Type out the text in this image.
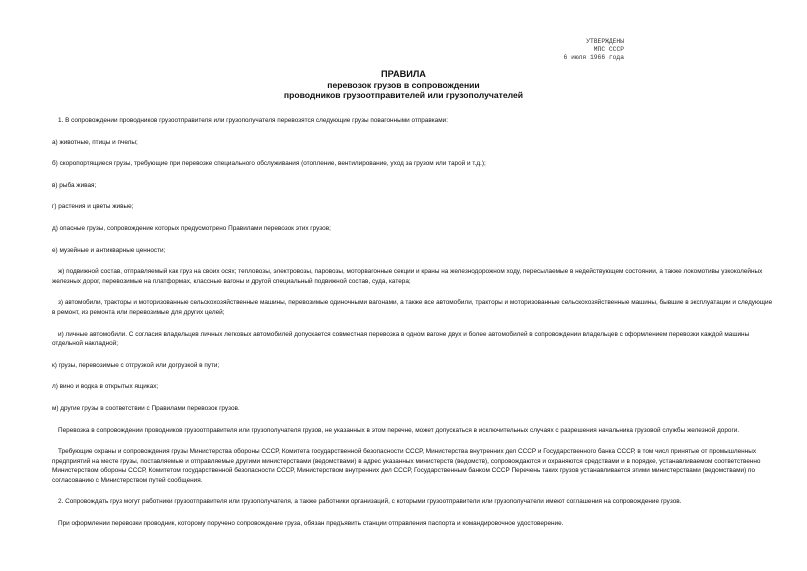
УТВЕРЖДЕНЫ
МПС СССР
6 июля 1966 года
ПРАВИЛА
перевозок грузов в сопровождении
проводников грузоотправителей или грузополучателей

1. В сопровождении проводников грузоотправителя или грузополучателя перевозятся следующие грузы повагонными отправками:

а) животные, птицы и пчелы;

б) скоропортящиеся грузы, требующие при перевозке специального обслуживания (отопление, вентилирование, уход за грузом или тарой и т.д.);

в) рыба живая;

г) растения и цветы живые;

д) опасные грузы, сопровождение которых предусмотрено Правилами перевозок этих грузов;

е) музейные и антикварные ценности;

ж) подвижной состав, отправляемый как груз на своих осях; тепловозы, электровозы, паровозы, моторвагонные секции и краны на железнодорожном ходу, пересылаемые в недействующем состоянии, а также локомотивы узкоколейных железных дорог, перевозимые на платформах, классные вагоны и другой специальный подвижной состав, суда, катера;

з) автомобили, тракторы и моторизованные сельскохозяйственные машины, перевозимые одиночными вагонами, а также все автомобили, тракторы и моторизованные сельскохозяйственные машины, бывшие в эксплуатации и следующие в ремонт, из ремонта или перевозимые для других целей;

и) личные автомобили. С согласия владельцев личных легковых автомобилей допускается совместная перевозка в одном вагоне двух и более автомобилей в сопровождении владельцев с оформлением перевозки каждой машины отдельной накладной;

к) грузы, перевозимые с отгрузкой или догрузкой в пути;

л) вино и водка в открытых ящиках;

м) другие грузы в соответствии с Правилами перевозок грузов.

Перевозка в сопровождении проводников грузоотправителя или грузополучателя грузов, не указанных в этом перечне, может допускаться в исключительных случаях с разрешения начальника грузовой службы железной дороги.

Требующие охраны и сопровождения грузы Министерства обороны СССР, Комитета государственной безопасности СССР, Министерства внутренних дел СССР и Государственного банка СССР, в том числ принятые от промышленных предприятий на месте грузы, поставляемые и отправляемые другими министерствами (ведомствами) в адрес указанных министерств (ведомств), сопровождаются и охраняются средствами и в порядке, устанавливаемом соответственно Министерством обороны СССР, Комитетом государственной безопасности СССР, Министерством внутренних дел СССР, Государственным банком СССР Перечень таких грузов устанавливается этими министерствами (ведомствами) по согласованию с Министерством путей сообщения.

2. Сопровождать груз могут работники грузоотправителя или грузополучателя, а также работники организаций, с которыми грузоотправители или грузополучатели имеют соглашения на сопровождение грузов.

При оформлении перевозки проводник, которому поручено сопровождение груза, обязан предъявить станции отправления паспорта и командировочное удостоверение.
